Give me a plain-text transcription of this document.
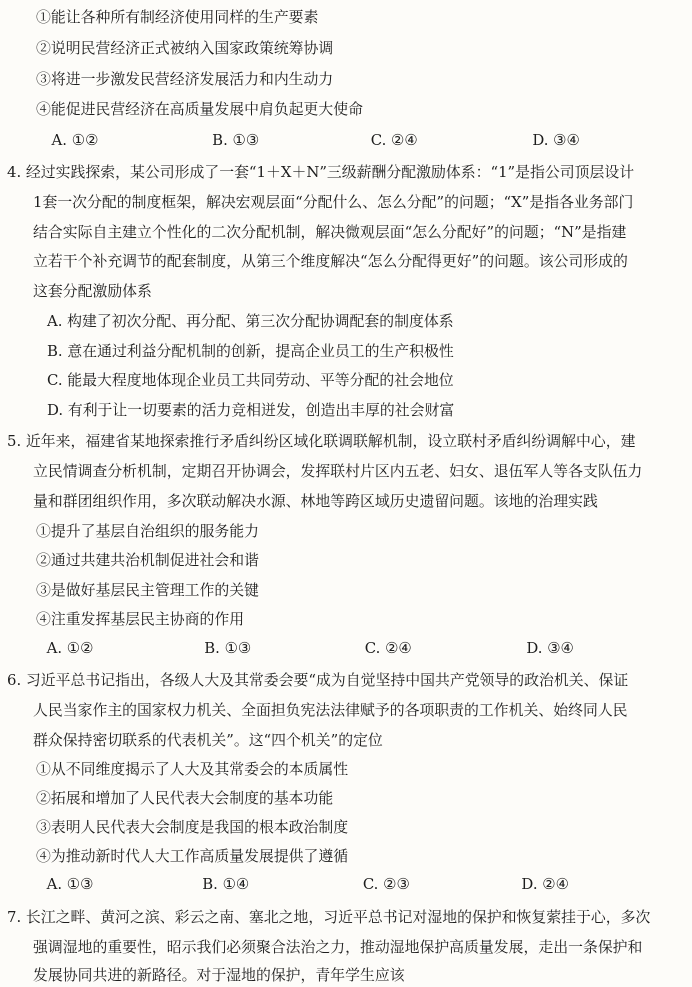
①能让各种所有制经济使用同样的生产要素
②说明民营经济正式被纳入国家政策统筹协调
③将进一步激发民营经济发展活力和内生动力
④能促进民营经济在高质量发展中肩负起更大使命
A. ①②	B. ①③	C. ②④	D. ③④
4. 经过实践探索，某公司形成了一套“1＋X＋N”三级薪酬分配激励体系：“1”是指公司顶层设计
1套一次分配的制度框架，解决宏观层面“分配什么、怎么分配”的问题；“X”是指各业务部门
结合实际自主建立个性化的二次分配机制，解决微观层面“怎么分配好”的问题；“N”是指建
立若干个补充调节的配套制度，从第三个维度解决“怎么分配得更好”的问题。该公司形成的
这套分配激励体系
A. 构建了初次分配、再分配、第三次分配协调配套的制度体系
B. 意在通过利益分配机制的创新，提高企业员工的生产积极性
C. 能最大程度地体现企业员工共同劳动、平等分配的社会地位
D. 有利于让一切要素的活力竞相迸发，创造出丰厚的社会财富
5. 近年来，福建省某地探索推行矛盾纠纷区域化联调联解机制，设立联村矛盾纠纷调解中心，建
立民情调查分析机制，定期召开协调会，发挥联村片区内五老、妇女、退伍军人等各支队伍力
量和群团组织作用，多次联动解决水源、林地等跨区域历史遗留问题。该地的治理实践
①提升了基层自治组织的服务能力
②通过共建共治机制促进社会和谐
③是做好基层民主管理工作的关键
④注重发挥基层民主协商的作用
A. ①②	B. ①③	C. ②④	D. ③④
6. 习近平总书记指出，各级人大及其常委会要“成为自觉坚持中国共产党领导的政治机关、保证
人民当家作主的国家权力机关、全面担负宪法法律赋予的各项职责的工作机关、始终同人民
群众保持密切联系的代表机关”。这“四个机关”的定位
①从不同维度揭示了人大及其常委会的本质属性
②拓展和增加了人民代表大会制度的基本功能
③表明人民代表大会制度是我国的根本政治制度
④为推动新时代人大工作高质量发展提供了遵循
A. ①③	B. ①④	C. ②③	D. ②④
7. 长江之畔、黄河之滨、彩云之南、塞北之地，习近平总书记对湿地的保护和恢复萦挂于心，多次
强调湿地的重要性，昭示我们必须聚合法治之力，推动湿地保护高质量发展，走出一条保护和
发展协同共进的新路径。对于湿地的保护，青年学生应该
